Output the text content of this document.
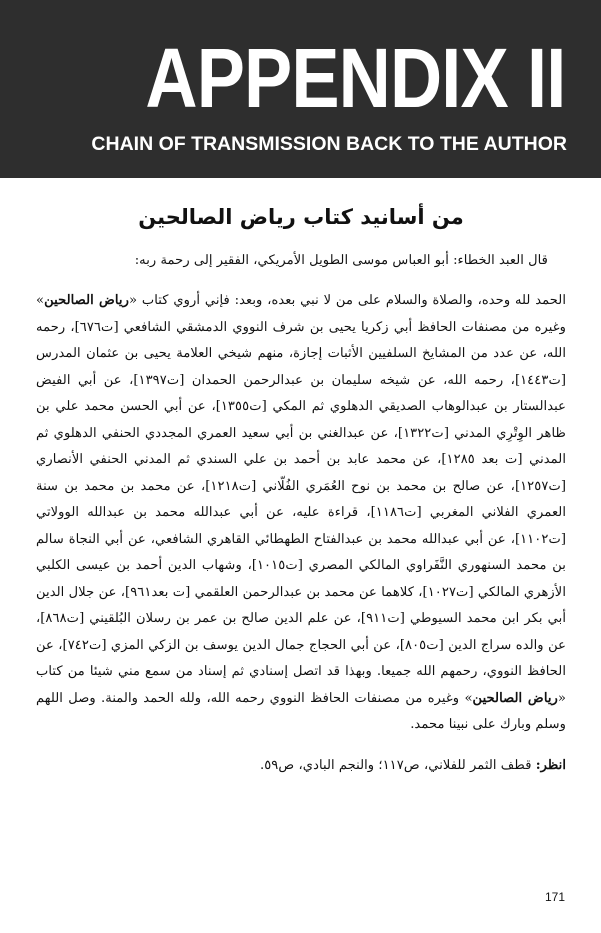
APPENDIX II
CHAIN OF TRANSMISSION BACK TO THE AUTHOR
من أسانيد كتاب رياض الصالحين

قال العبد الخطاء: أبو العباس موسى الطويل الأمريكي، الفقير إلى رحمة ربه:

الحمد لله وحده، والصلاة والسلام على من لا نبي بعده، وبعد: فإني أروي كتاب «رياض الصالحين» وغيره من مصنفات الحافظ أبي زكريا يحيى بن شرف النووي الدمشقي الشافعي [ت٦٧٦]، رحمه الله، عن عدد من المشايخ السلفيين الأثبات إجازة، منهم شيخي العلامة يحيى بن عثمان المدرس [ت١٤٤٣]، رحمه الله، عن شيخه سليمان بن عبدالرحمن الحمدان [ت١٣٩٧]، عن أبي الفيض عبدالستار بن عبدالوهاب الصديقي الدهلوي ثم المكي [ت١٣٥٥]، عن أبي الحسن محمد علي بن ظاهر الوِتْرِي المدني [ت١٣٢٢]، عن عبدالغني بن أبي سعيد العمري المجددي الحنفي الدهلوي ثم المدني [ت بعد ١٢٨٥]، عن محمد عابد بن أحمد بن علي السندي ثم المدني الحنفي الأنصاري [ت١٢٥٧]، عن صالح بن محمد بن نوح العُمَري الفُلّاني [ت١٢١٨]، عن محمد بن محمد بن سنة العمري الفلاني المغربي [ت١١٨٦]، قراءة عليه، عن أبي عبدالله محمد بن عبدالله الوولاتي [ت١١٠٢]، عن أبي عبدالله محمد بن عبدالفتاح الطهطائي القاهري الشافعي، عن أبي النجاة سالم بن محمد السنهوري النَّفَراوي المالكي المصري [ت١٠١٥]، وشهاب الدين أحمد بن عيسى الكلبي الأزهري المالكي [ت١٠٢٧]، كلاهما عن محمد بن عبدالرحمن العلقمي [ت بعد٩٦١]، عن جلال الدين أبي بكر ابن محمد السيوطي [ت٩١١]، عن علم الدين صالح بن عمر بن رسلان البُلقيني [ت٨٦٨]، عن والده سراج الدين [ت٨٠٥]، عن أبي الحجاج جمال الدين يوسف بن الزكي المزي [ت٧٤٢]، عن الحافظ النووي، رحمهم الله جميعا. وبهذا قد اتصل إسنادي ثم إسناد من سمع مني شيئا من كتاب «رياض الصالحين» وغيره من مصنفات الحافظ النووي رحمه الله، ولله الحمد والمنة. وصل اللهم وسلم وبارك على نبينا محمد.

انظر: قطف الثمر للفلاني، ص١١٧؛ والنجم البادي، ص٥٩.

171
